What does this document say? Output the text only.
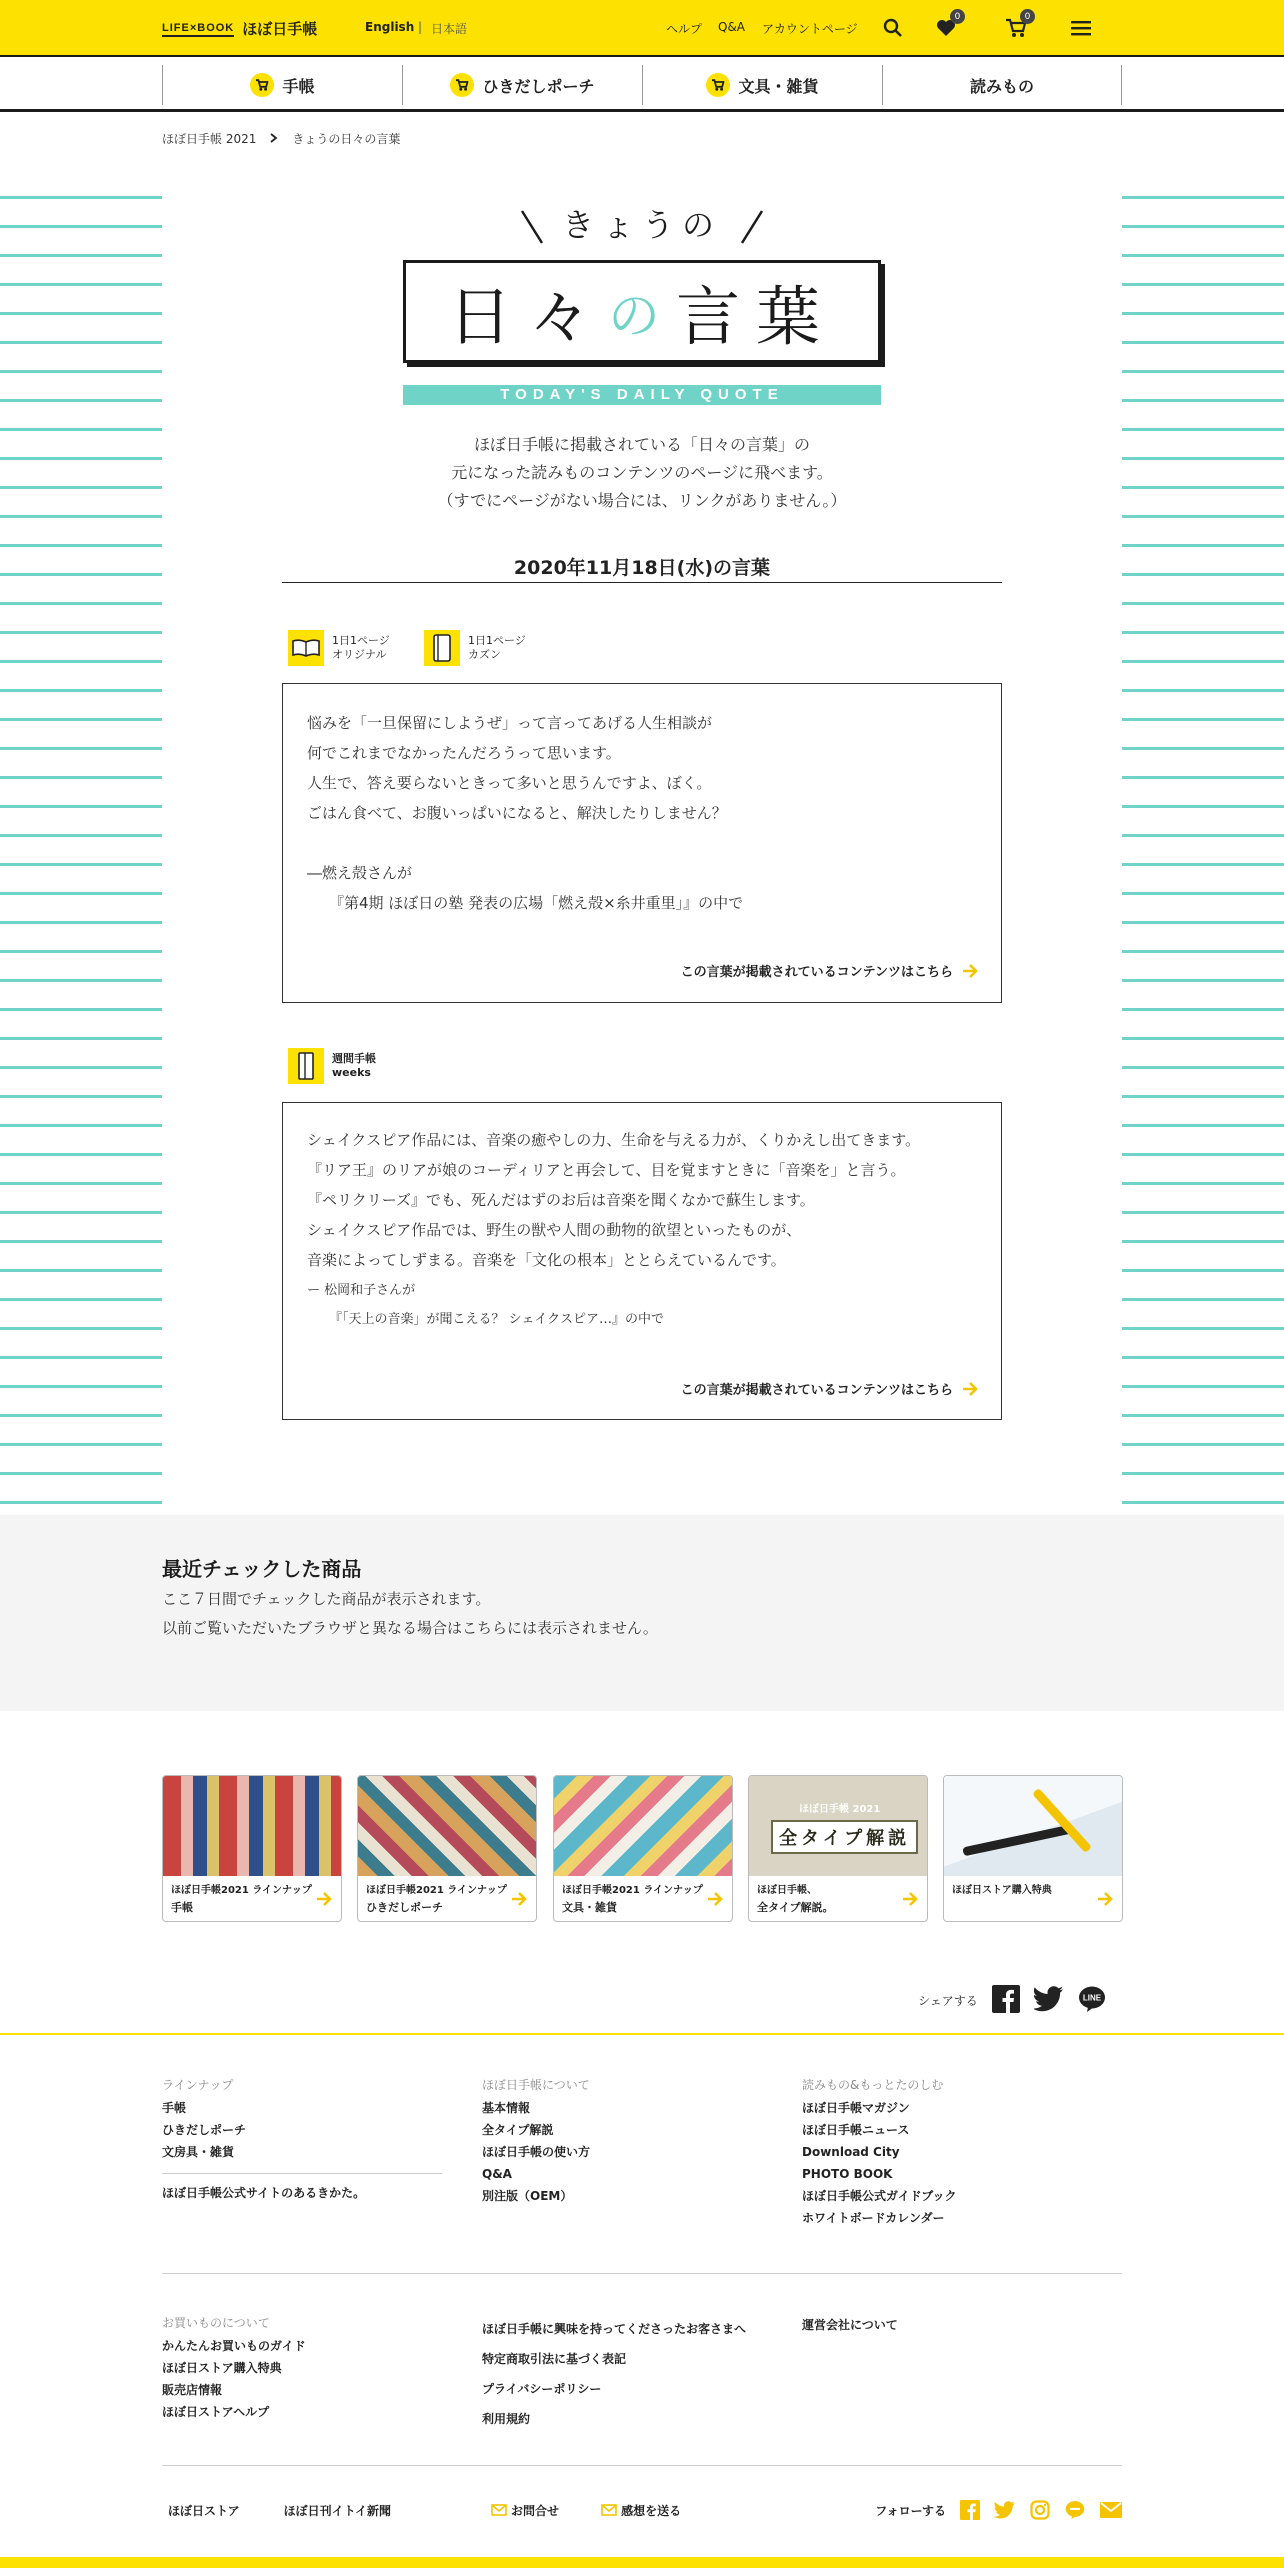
LIFE×BOOK ほぼ日手帳	English | 日本語	ヘルプ Q&A アカウントページ
0	0
手帳	ひきだしポーチ	文具・雑貨	読みもの
ほぼ日手帳 2021	きょうの日々の言葉
きょうの
日々 の 言葉
TODAY'S DAILY QUOTE
ほぼ日手帳に掲載されている「日々の言葉」の
元になった読みものコンテンツのページに飛べます。
（すでにページがない場合には、リンクがありません。）
2020年11月18日(水)の言葉
1日1ページ
オリジナル
1日1ページ
カズン
悩みを「一旦保留にしようぜ」って言ってあげる人生相談が
何でこれまでなかったんだろうって思います。
人生で、答え要らないときって多いと思うんですよ、ぼく。
ごはん食べて、お腹いっぱいになると、解決したりしません？
―燃え殻さんが
『第4期 ほぼ日の塾 発表の広場「燃え殻×糸井重里」』の中で
この言葉が掲載されているコンテンツはこちら
週間手帳
weeks
シェイクスピア作品には、音楽の癒やしの力、生命を与える力が、くりかえし出てきます。
『リア王』のリアが娘のコーディリアと再会して、目を覚ますときに「音楽を」と言う。
『ペリクリーズ』でも、死んだはずのお后は音楽を聞くなかで蘇生します。
シェイクスピア作品では、野生の獣や人間の動物的欲望といったものが、
音楽によってしずまる。音楽を「文化の根本」ととらえているんです。
ー 松岡和子さんが
『「天上の音楽」が聞こえる？ シェイクスピア…』の中で
この言葉が掲載されているコンテンツはこちら
最近チェックした商品
ここ７日間でチェックした商品が表示されます。
以前ご覧いただいたブラウザと異なる場合はこちらには表示されません。
ほぼ日手帳2021 ラインナップ
手帳
ほぼ日手帳2021 ラインナップ
ひきだしポーチ
ほぼ日手帳2021 ラインナップ
文具・雑貨
ほぼ日手帳 2021
全タイプ解説
ほぼ日手帳、
全タイプ解説。
ほぼ日ストア購入特典
シェアする	LINE
ラインナップ
手帳
ひきだしポーチ
文房具・雑貨
ほぼ日手帳公式サイトのあるきかた。
ほぼ日手帳について
基本情報
全タイプ解説
ほぼ日手帳の使い方
Q&A
別注版（OEM）
読みもの&もっとたのしむ
ほぼ日手帳マガジン
ほぼ日手帳ニュース
Download City
PHOTO BOOK
ほぼ日手帳公式ガイドブック
ホワイトボードカレンダー
お買いものについて
かんたんお買いものガイド
ほぼ日ストア購入特典
販売店情報
ほぼ日ストアヘルプ
ほぼ日手帳に興味を持ってくださったお客さまへ
特定商取引法に基づく表記
プライバシーポリシー
利用規約
運営会社について
ほぼ日ストア	ほぼ日刊イトイ新聞	お問合せ	感想を送る	フォローする
